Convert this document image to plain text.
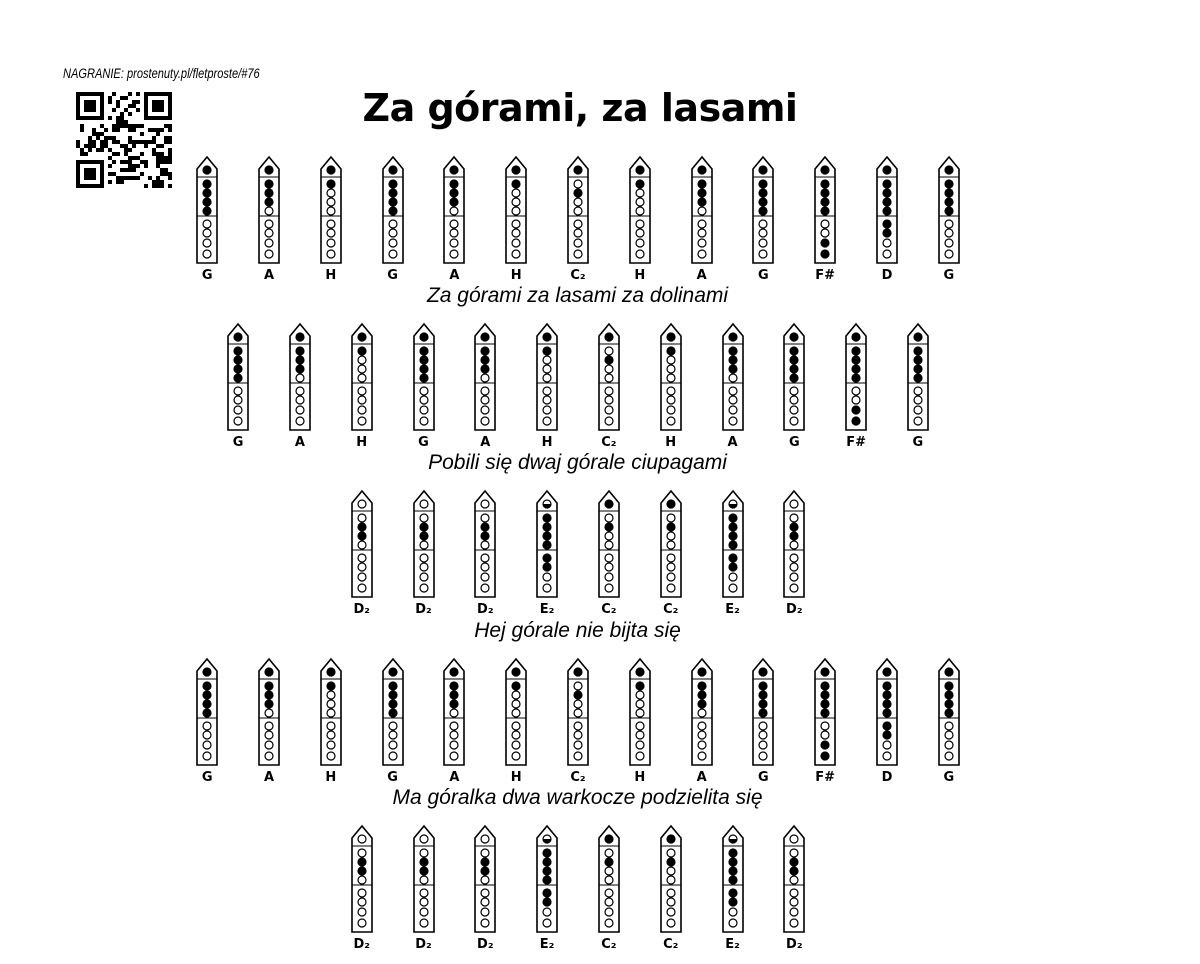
NAGRANIE: prostenuty.pl/fletproste/#76
Za górami, za lasami
G	A	H	G	A	H	C₂	H	A	G	F#	D	G
Za górami za lasami za dolinami
G	A	H	G	A	H	C₂	H	A	G	F#	G
Pobili się dwaj górale ciupagami
D₂	D₂	D₂	E₂	C₂	C₂	E₂	D₂
Hej górale nie bijta się
G	A	H	G	A	H	C₂	H	A	G	F#	D	G
Ma góralka dwa warkocze podzielita się
D₂	D₂	D₂	E₂	C₂	C₂	E₂	D₂
